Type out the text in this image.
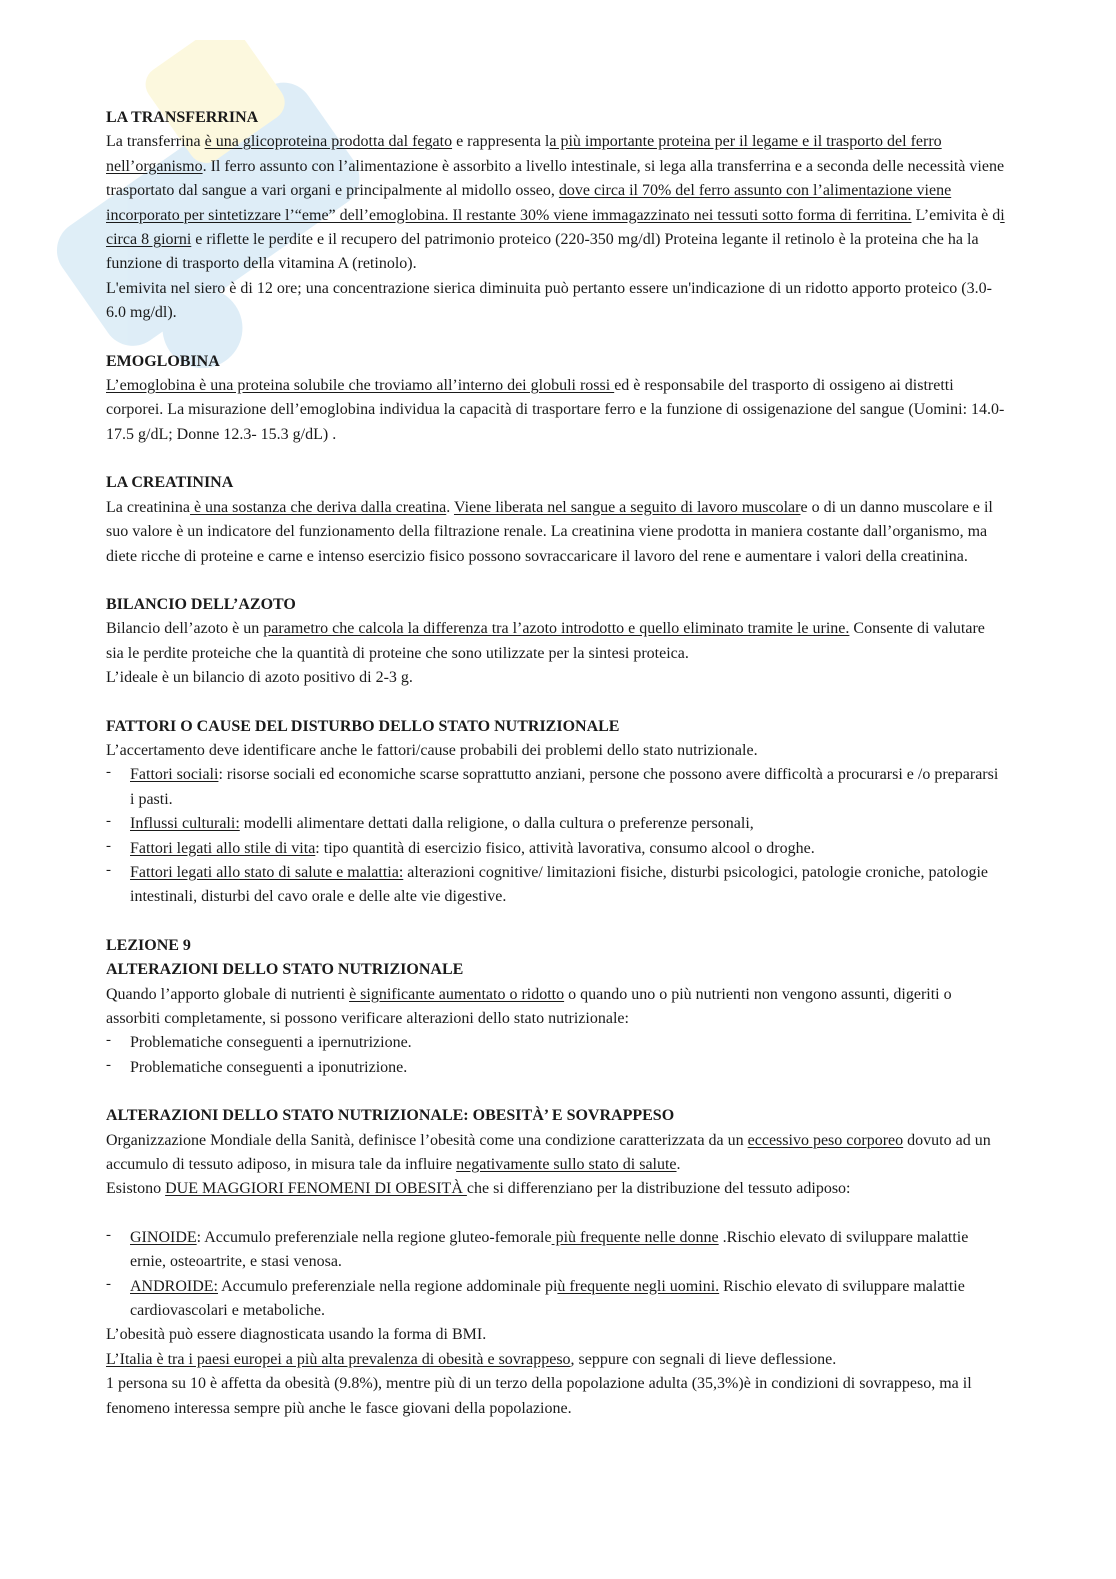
LA TRANSFERRINA

La transferrina è una glicoproteina prodotta dal fegato e rappresenta la più importante proteina per il legame e il trasporto del ferro nell’organismo. Il ferro assunto con l’alimentazione è assorbito a livello intestinale, si lega alla transferrina e a seconda delle necessità viene trasportato dal sangue a vari organi e principalmente al midollo osseo, dove circa il 70% del ferro assunto con l’alimentazione viene incorporato per sintetizzare l’“eme” dell’emoglobina. Il restante 30% viene immagazzinato nei tessuti sotto forma di ferritina. L’emivita è di circa 8 giorni e riflette le perdite e il recupero del patrimonio proteico (220-350 mg/dl) Proteina legante il retinolo è la proteina che ha la funzione di trasporto della vitamina A (retinolo).

L'emivita nel siero è di 12 ore; una concentrazione sierica diminuita può pertanto essere un'indicazione di un ridotto apporto proteico (3.0-6.0 mg/dl).

EMOGLOBINA

L’emoglobina è una proteina solubile che troviamo all’interno dei globuli rossi ed è responsabile del trasporto di ossigeno ai distretti corporei. La misurazione dell’emoglobina individua la capacità di trasportare ferro e la funzione di ossigenazione del sangue (Uomini: 14.0-17.5 g/dL; Donne 12.3- 15.3 g/dL) .

LA CREATININA

La creatinina è una sostanza che deriva dalla creatina. Viene liberata nel sangue a seguito di lavoro muscolare o di un danno muscolare e il suo valore è un indicatore del funzionamento della filtrazione renale. La creatinina viene prodotta in maniera costante dall’organismo, ma diete ricche di proteine e carne e intenso esercizio fisico possono sovraccaricare il lavoro del rene e aumentare i valori della creatinina.

BILANCIO DELL’AZOTO

Bilancio dell’azoto è un parametro che calcola la differenza tra l’azoto introdotto e quello eliminato tramite le urine. Consente di valutare sia le perdite proteiche che la quantità di proteine che sono utilizzate per la sintesi proteica.

L’ideale è un bilancio di azoto positivo di 2-3 g.

FATTORI O CAUSE DEL DISTURBO DELLO STATO NUTRIZIONALE

L’accertamento deve identificare anche le fattori/cause probabili dei problemi dello stato nutrizionale.

- Fattori sociali: risorse sociali ed economiche scarse soprattutto anziani, persone che possono avere difficoltà a procurarsi e /o prepararsi i pasti.
- Influssi culturali: modelli alimentare dettati dalla religione, o dalla cultura o preferenze personali,
- Fattori legati allo stile di vita: tipo quantità di esercizio fisico, attività lavorativa, consumo alcool o droghe.
- Fattori legati allo stato di salute e malattia: alterazioni cognitive/ limitazioni fisiche, disturbi psicologici, patologie croniche, patologie intestinali, disturbi del cavo orale e delle alte vie digestive.
LEZIONE 9
ALTERAZIONI DELLO STATO NUTRIZIONALE

Quando l’apporto globale di nutrienti è significante aumentato o ridotto o quando uno o più nutrienti non vengono assunti, digeriti o assorbiti completamente, si possono verificare alterazioni dello stato nutrizionale:

- Problematiche conseguenti a ipernutrizione.
- Problematiche conseguenti a iponutrizione.
ALTERAZIONI DELLO STATO NUTRIZIONALE: OBESITÀ’ E SOVRAPPESO

Organizzazione Mondiale della Sanità, definisce l’obesità come una condizione caratterizzata da un eccessivo peso corporeo dovuto ad un accumulo di tessuto adiposo, in misura tale da influire negativamente sullo stato di salute.

Esistono DUE MAGGIORI FENOMENI DI OBESITÀ che si differenziano per la distribuzione del tessuto adiposo:

- GINOIDE: Accumulo preferenziale nella regione gluteo-femorale più frequente nelle donne .Rischio elevato di sviluppare malattie ernie, osteoartrite, e stasi venosa.
- ANDROIDE: Accumulo preferenziale nella regione addominale più frequente negli uomini. Rischio elevato di sviluppare malattie cardiovascolari e metaboliche.

L’obesità può essere diagnosticata usando la forma di BMI.

L’Italia è tra i paesi europei a più alta prevalenza di obesità e sovrappeso, seppure con segnali di lieve deflessione.

1 persona su 10 è affetta da obesità (9.8%), mentre più di un terzo della popolazione adulta (35,3%)è in condizioni di sovrappeso, ma il fenomeno interessa sempre più anche le fasce giovani della popolazione.
